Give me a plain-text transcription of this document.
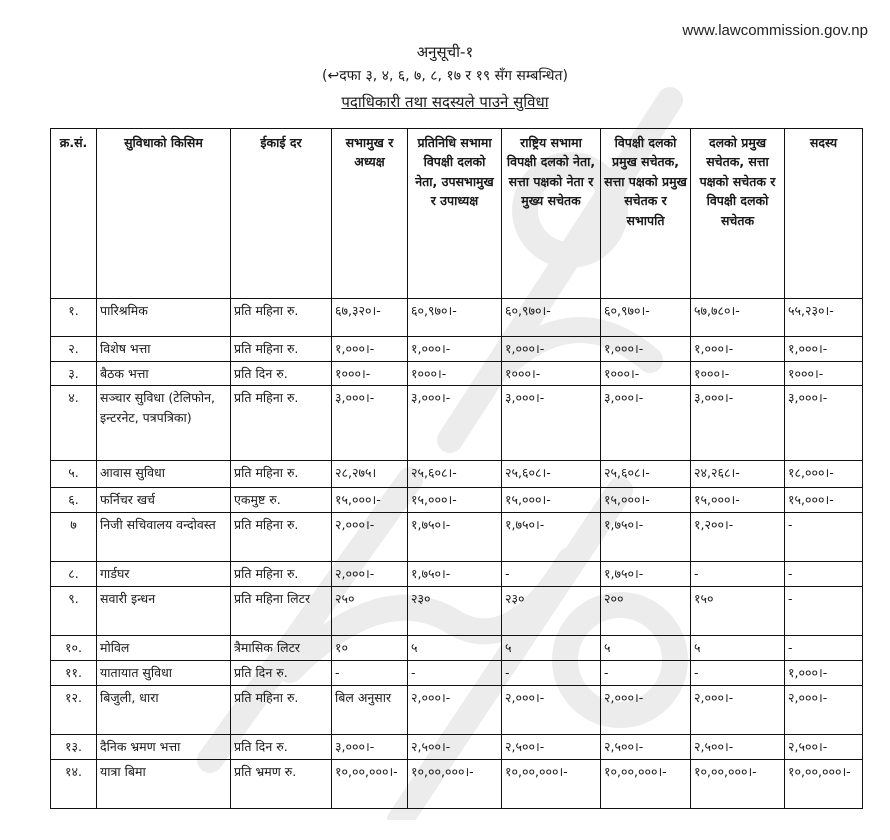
www.lawcommission.gov.np
अनुसूची-१
(↩दफा ३, ४, ६, ७, ८, १७ र १९ सँग सम्बन्धित)
पदाधिकारी तथा सदस्यले पाउने सुविधा
क्र.सं.	सुविधाको किसिम	ईकाई दर	सभामुख र अध्यक्ष	प्रतिनिधि सभामा विपक्षी दलको नेता, उपसभामुख र उपाध्यक्ष	राष्ट्रिय सभामा विपक्षी दलको नेता, सत्ता पक्षको नेता र मुख्य सचेतक	विपक्षी दलको प्रमुख सचेतक, सत्ता पक्षको प्रमुख सचेतक र सभापति	दलको प्रमुख सचेतक, सत्ता पक्षको सचेतक र विपक्षी दलको सचेतक	सदस्य
१.	पारिश्रमिक	प्रति महिना रु.	६७,३२०।-	६०,९७०।-	६०,९७०।-	६०,९७०।-	५७,७८०।-	५५,२३०।-
२.	विशेष भत्ता	प्रति महिना रु.	१,०००।-	१,०००।-	१,०००।-	१,०००।-	१,०००।-	१,०००।-
३.	बैठक भत्ता	प्रति दिन रु.	१०००।-	१०००।-	१०००।-	१०००।-	१०००।-	१०००।-
४.	सञ्चार सुविधा (टेलिफोन, इन्टरनेट, पत्रपत्रिका)	प्रति महिना रु.	३,०००।-	३,०००।-	३,०००।-	३,०००।-	३,०००।-	३,०००।-
५.	आवास सुविधा	प्रति महिना रु.	२८,२७५।	२५,६०८।-	२५,६०८।-	२५,६०८।-	२४,२६८।-	१८,०००।-
६.	फर्निचर खर्च	एकमुष्ट रु.	१५,०००।-	१५,०००।-	१५,०००।-	१५,०००।-	१५,०००।-	१५,०००।-
७	निजी सचिवालय वन्दोवस्त	प्रति महिना रु.	२,०००।-	१,७५०।-	१,७५०।-	१,७५०।-	१,२००।-	-
८.	गार्डघर	प्रति महिना रु.	२,०००।-	१,७५०।-	-	१,७५०।-	-	-
९.	सवारी इन्धन	प्रति महिना लिटर	२५०	२३०	२३०	२००	१५०	-
१०.	मोविल	त्रैमासिक लिटर	१०	५	५	५	५	-
११.	यातायात सुविधा	प्रति दिन रु.	-	-	-	-	-	१,०००।-
१२.	बिजुली, धारा	प्रति महिना रु.	बिल अनुसार	२,०००।-	२,०००।-	२,०००।-	२,०००।-	२,०००।-
१३.	दैनिक भ्रमण भत्ता	प्रति दिन रु.	३,०००।-	२,५००।-	२,५००।-	२,५००।-	२,५००।-	२,५००।-
१४.	यात्रा बिमा	प्रति भ्रमण रु.	१०,००,०००।-	१०,००,०००।-	१०,००,०००।-	१०,००,०००।-	१०,००,०००।-	१०,००,०००।-
